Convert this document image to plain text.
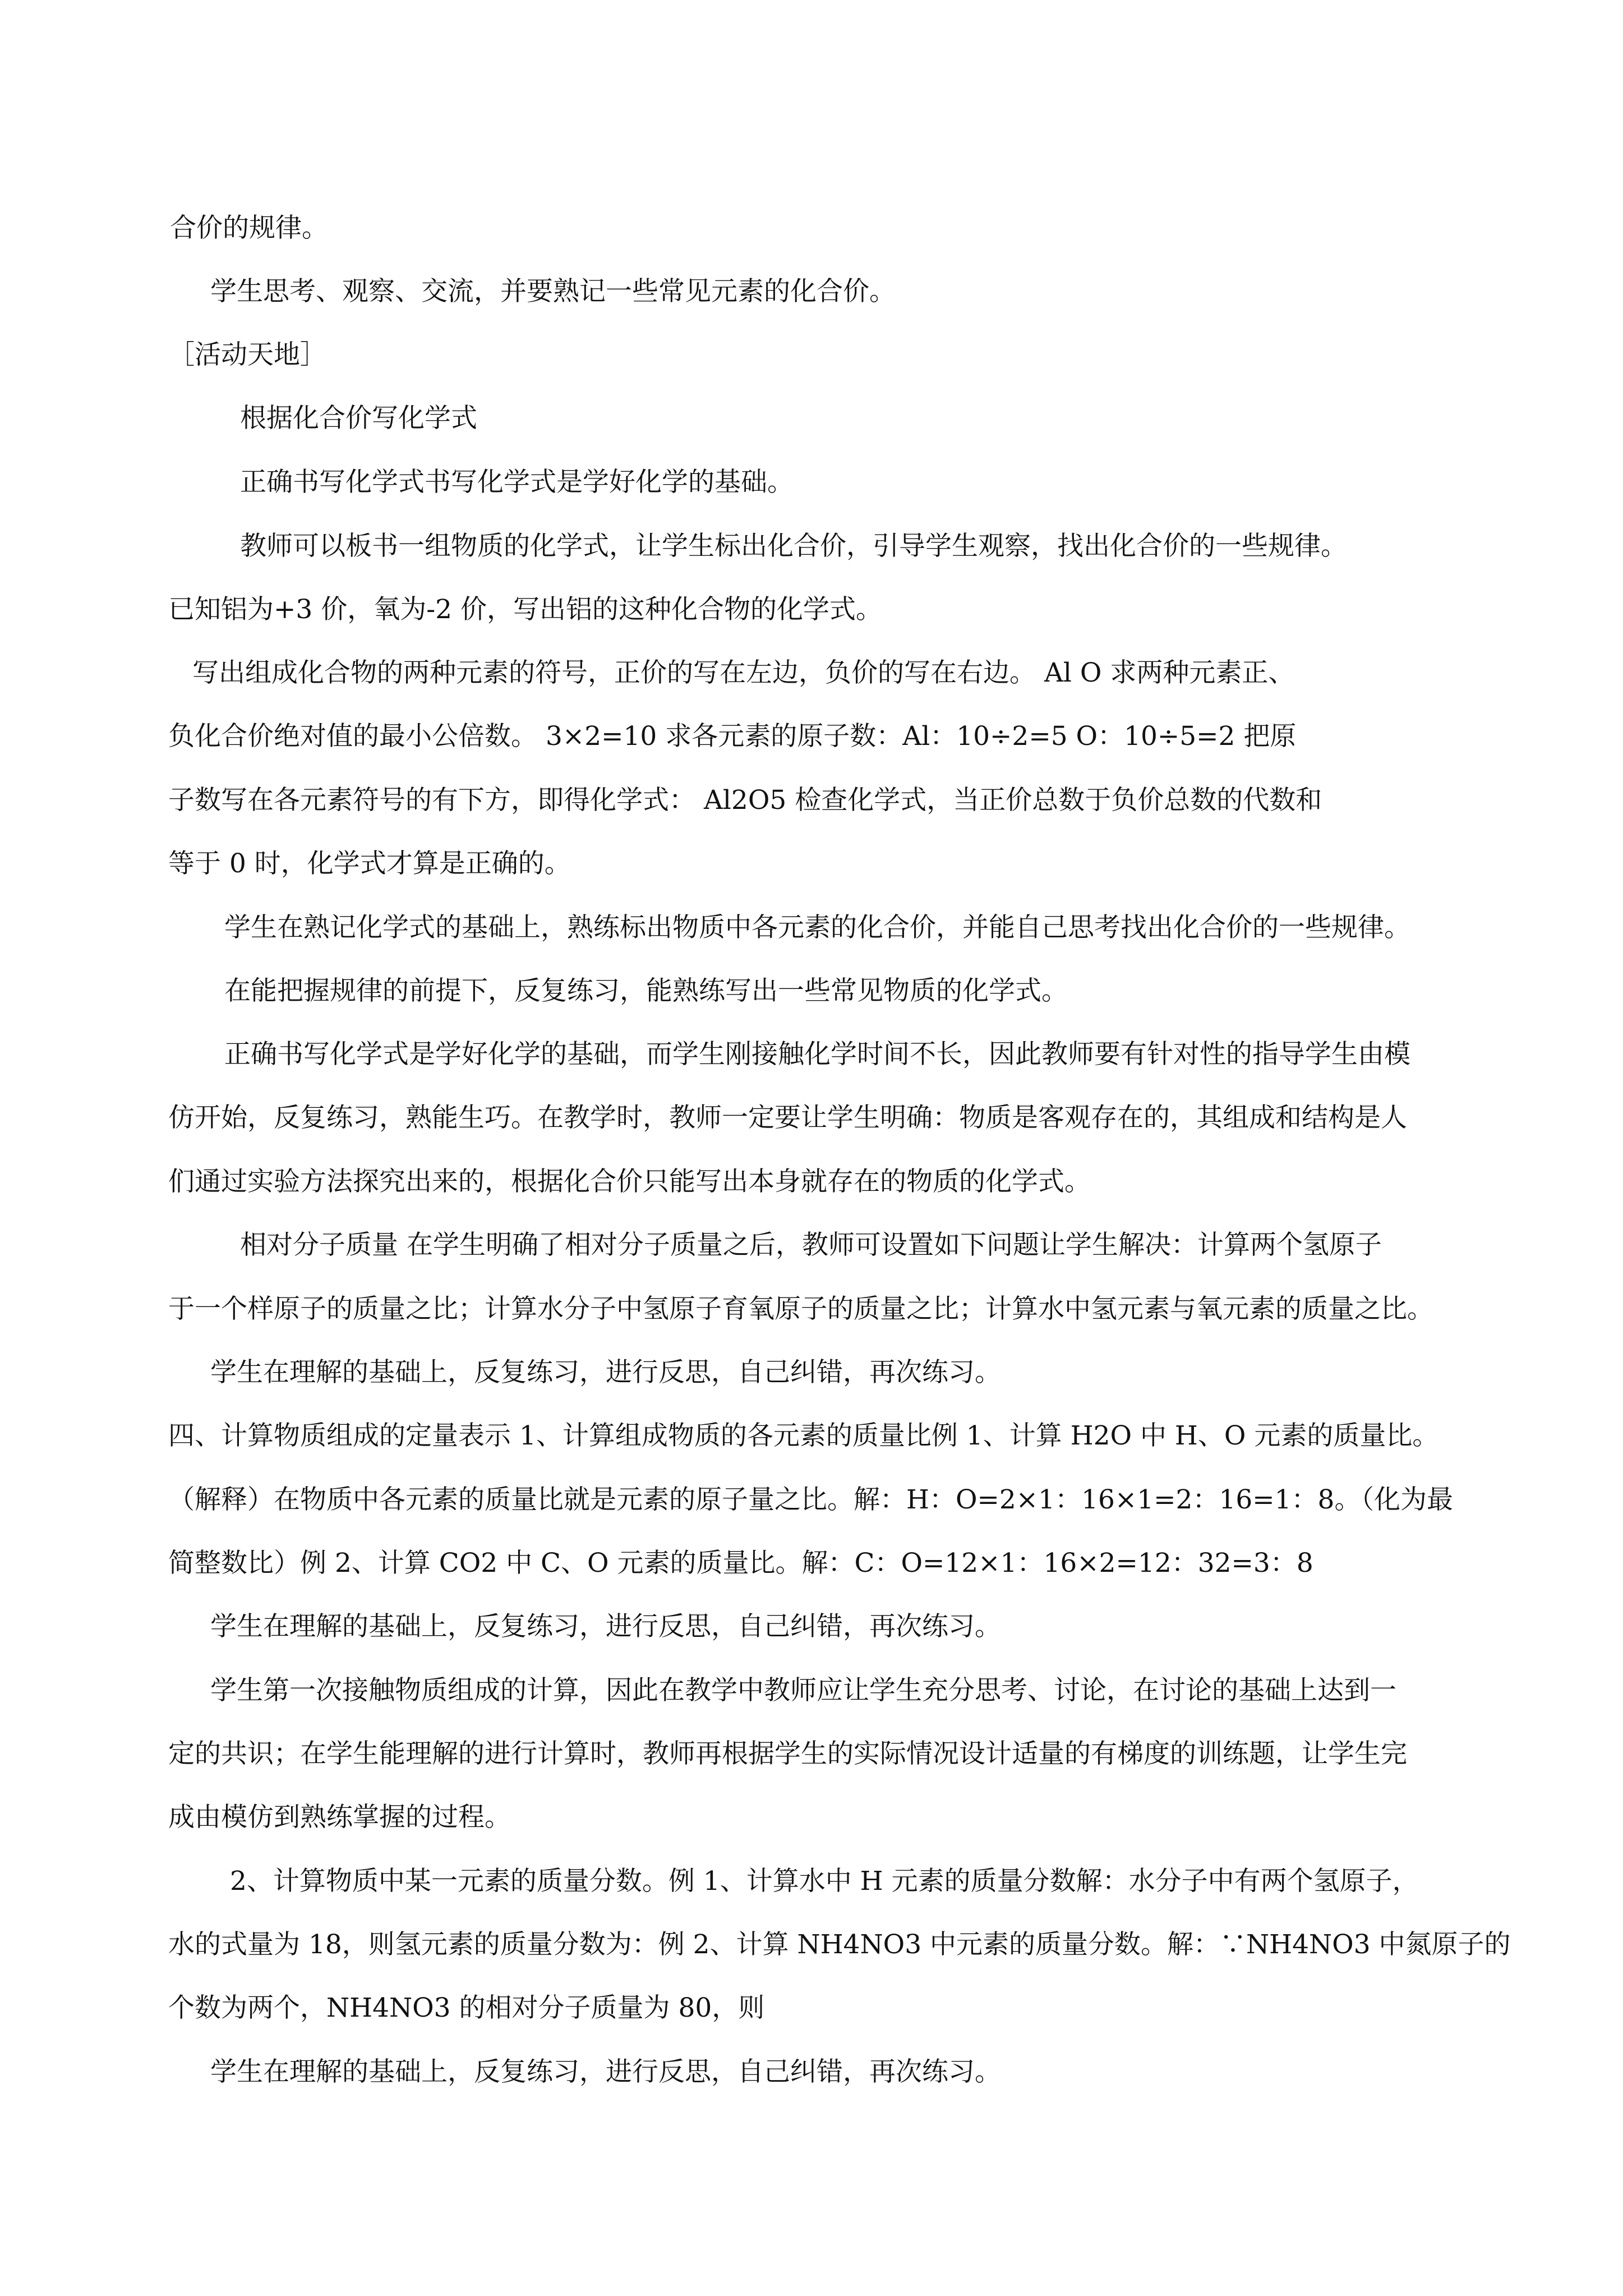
合价的规律。
学生思考、观察、交流，并要熟记一些常见元素的化合价。
［活动天地］
根据化合价写化学式
正确书写化学式书写化学式是学好化学的基础。
教师可以板书一组物质的化学式，让学生标出化合价，引导学生观察，找出化合价的一些规律。
已知铝为+3 价，氧为-2 价，写出铝的这种化合物的化学式。
写出组成化合物的两种元素的符号，正价的写在左边，负价的写在右边。 Al O 求两种元素正、
负化合价绝对值的最小公倍数。 3×2=10 求各元素的原子数：Al：10÷2=5 O：10÷5=2 把原
子数写在各元素符号的有下方，即得化学式： Al2O5 检查化学式，当正价总数于负价总数的代数和
等于 0 时，化学式才算是正确的。
学生在熟记化学式的基础上，熟练标出物质中各元素的化合价，并能自己思考找出化合价的一些规律。
在能把握规律的前提下，反复练习，能熟练写出一些常见物质的化学式。
正确书写化学式是学好化学的基础，而学生刚接触化学时间不长，因此教师要有针对性的指导学生由模
仿开始，反复练习，熟能生巧。在教学时，教师一定要让学生明确：物质是客观存在的，其组成和结构是人
们通过实验方法探究出来的，根据化合价只能写出本身就存在的物质的化学式。
相对分子质量 在学生明确了相对分子质量之后，教师可设置如下问题让学生解决：计算两个氢原子
于一个样原子的质量之比；计算水分子中氢原子育氧原子的质量之比；计算水中氢元素与氧元素的质量之比。
学生在理解的基础上，反复练习，进行反思，自己纠错，再次练习。
四、计算物质组成的定量表示 1、计算组成物质的各元素的质量比例 1、计算 H2O 中 H、O 元素的质量比。
（解释）在物质中各元素的质量比就是元素的原子量之比。解：H：O=2×1：16×1=2：16=1：8。（化为最
简整数比）例 2、计算 CO2 中 C、O 元素的质量比。解：C：O=12×1：16×2=12：32=3：8
学生在理解的基础上，反复练习，进行反思，自己纠错，再次练习。
学生第一次接触物质组成的计算，因此在教学中教师应让学生充分思考、讨论，在讨论的基础上达到一
定的共识；在学生能理解的进行计算时，教师再根据学生的实际情况设计适量的有梯度的训练题，让学生完
成由模仿到熟练掌握的过程。
2、计算物质中某一元素的质量分数。例 1、计算水中 H 元素的质量分数解：水分子中有两个氢原子，
水的式量为 18，则氢元素的质量分数为：例 2、计算 NH4NO3 中元素的质量分数。解：∵NH4NO3 中氮原子的
个数为两个，NH4NO3 的相对分子质量为 80，则
学生在理解的基础上，反复练习，进行反思，自己纠错，再次练习。
